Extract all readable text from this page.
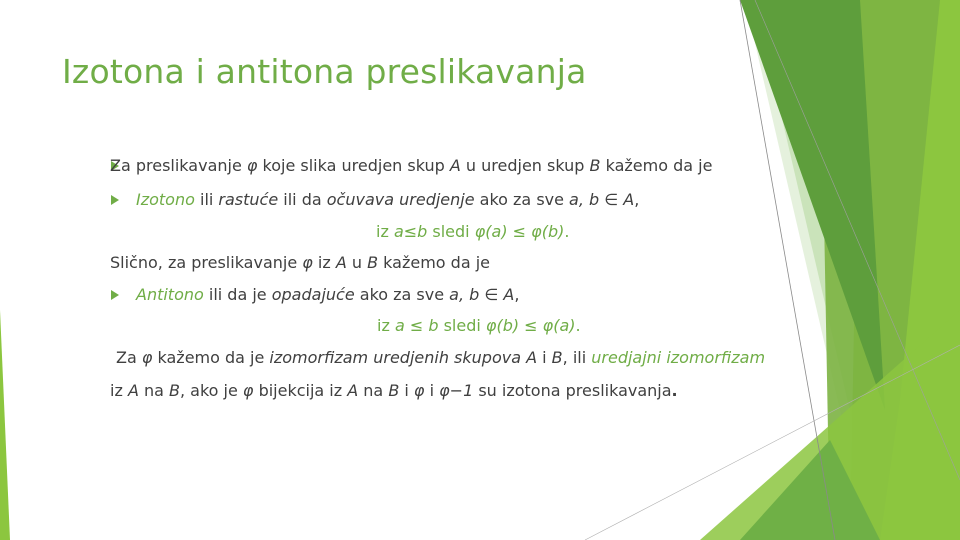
Izotona i antitona preslikavanja
Za preslikavanje φ koje slika uredjen skup A u uredjen skup B kažemo da je
Izotono ili rastuće ili da očuvava uredjenje ako za sve a, b ∈ A,
iz a≤b sledi φ(a) ≤ φ(b).
Slično, za preslikavanje φ iz A u B kažemo da je
Antitono ili da je opadajuće ako za sve a, b ∈ A,
iz a ≤ b sledi φ(b) ≤ φ(a).
Za φ kažemo da je izomorfizam uredjenih skupova A i B, ili uredjajni izomorfizam
iz A na B, ako je φ bijekcija iz A na B i φ i φ−1 su izotona preslikavanja.
